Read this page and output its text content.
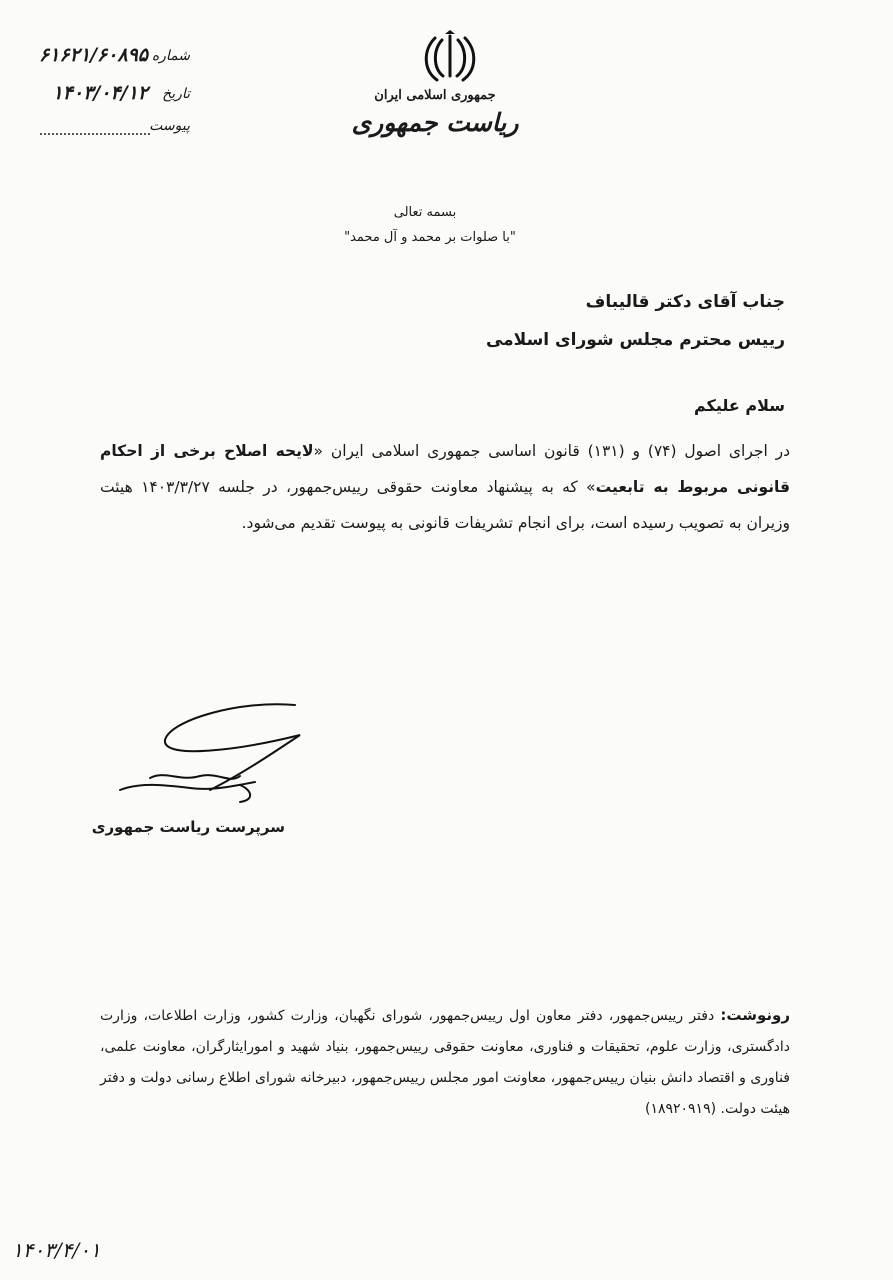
جمهوری اسلامی ایران
ریاست جمهوری
شماره
۶۱۶۲۱/۶۰۸۹۵
تاریخ
۱۴۰۳/۰۴/۱۲
پیوست
بسمه تعالی
"با صلوات بر محمد و آل محمد"
جناب آقای دکتر قالیباف
رییس محترم مجلس شورای اسلامی
سلام علیکم
در اجرای اصول (۷۴) و (۱۳۱) قانون اساسی جمهوری اسلامی ایران «لایحه اصلاح برخی از احکام قانونی مربوط به تابعیت» که به پیشنهاد معاونت حقوقی رییس‌جمهور، در جلسه ۱۴۰۳/۳/۲۷ هیئت وزیران به تصویب رسیده است، برای انجام تشریفات قانونی به پیوست تقدیم می‌شود.
سرپرست ریاست جمهوری
رونوشت: دفتر رییس‌جمهور، دفتر معاون اول رییس‌جمهور، شورای نگهبان، وزارت کشور، وزارت اطلاعات، وزارت دادگستری، وزارت علوم، تحقیقات و فناوری، معاونت حقوقی رییس‌جمهور، بنیاد شهید و امورایثارگران، معاونت علمی، فناوری و اقتصاد دانش بنیان رییس‌جمهور، معاونت امور مجلس رییس‌جمهور، دبیرخانه شورای اطلاع رسانی دولت و دفتر هیئت دولت. (۱۸۹۲۰۹۱۹)
۱۴۰۳/۴/۰۱
